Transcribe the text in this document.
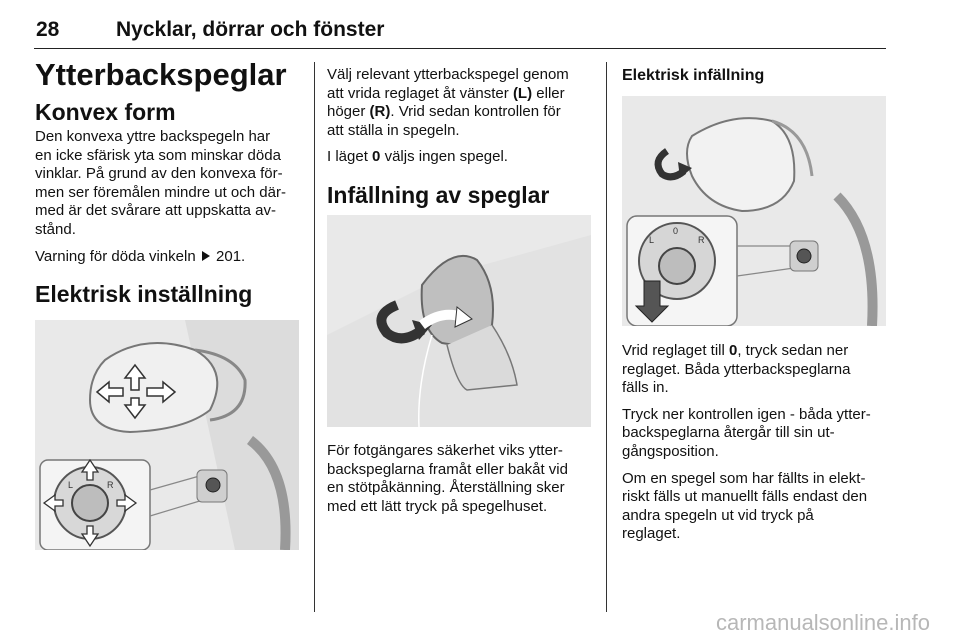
28	Nycklar, dörrar och fönster
Ytterbackspeglar
Konvex form

Den konvexa yttre backspegeln har
en icke sfärisk yta som minskar döda
vinklar. På grund av den konvexa för-
men ser föremålen mindre ut och där-
med är det svårare att uppskatta av-
stånd.

Varning för döda vinkeln 201.

Elektrisk inställning
L	R

Välj relevant ytterbackspegel genom
att vrida reglaget åt vänster (L) eller
höger (R). Vrid sedan kontrollen för
att ställa in spegeln.

I läget 0 väljs ingen spegel.

Infällning av speglar

För fotgängares säkerhet viks ytter-
backspeglarna framåt eller bakåt vid
en stötpåkänning. Återställning sker
med ett lätt tryck på spegelhuset.

Elektrisk infällning
L
0
R

Vrid reglaget till 0, tryck sedan ner
reglaget. Båda ytterbackspeglarna
fälls in.

Tryck ner kontrollen igen - båda ytter-
backspeglarna återgår till sin ut-
gångsposition.

Om en spegel som har fällts in elekt-
riskt fälls ut manuellt fälls endast den
andra spegeln ut vid tryck på
reglaget.

carmanualsonline.info
